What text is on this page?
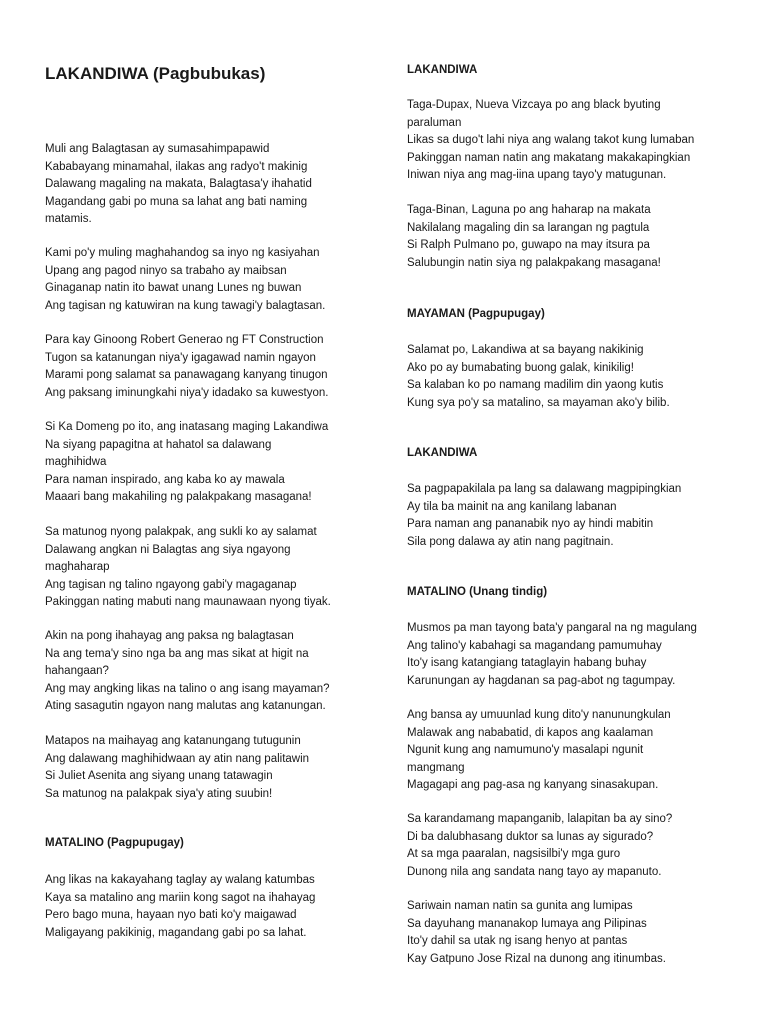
LAKANDIWA (Pagbubukas)
Muli ang Balagtasan ay sumasahimpapawid
Kababayang minamahal, ilakas ang radyo't makinig
Dalawang magaling na makata, Balagtasa'y ihahatid
Magandang gabi po muna sa lahat ang bati naming
matamis.
Kami po'y muling maghahandog sa inyo ng kasiyahan
Upang ang pagod ninyo sa trabaho ay maibsan
Ginaganap natin ito bawat unang Lunes ng buwan
Ang tagisan ng katuwiran na kung tawagi'y balagtasan.
Para kay Ginoong Robert Generao ng FT Construction
Tugon sa katanungan niya'y igagawad namin ngayon
Marami pong salamat sa panawagang kanyang tinugon
Ang paksang iminungkahi niya'y idadako sa kuwestyon.
Si Ka Domeng po ito, ang inatasang maging Lakandiwa
Na siyang papagitna at hahatol sa dalawang
maghihidwa
Para naman inspirado, ang kaba ko ay mawala
Maaari bang makahiling ng palakpakang masagana!
Sa matunog nyong palakpak, ang sukli ko ay salamat
Dalawang angkan ni Balagtas ang siya ngayong
maghaharap
Ang tagisan ng talino ngayong gabi'y magaganap
Pakinggan nating mabuti nang maunawaan nyong tiyak.
Akin na pong ihahayag ang paksa ng balagtasan
Na ang tema'y sino nga ba ang mas sikat at higit na
hahangaan?
Ang may angking likas na talino o ang isang mayaman?
Ating sasagutin ngayon nang malutas ang katanungan.
Matapos na maihayag ang katanungang tutugunin
Ang dalawang maghihidwaan ay atin nang palitawin
Si Juliet Asenita ang siyang unang tatawagin
Sa matunog na palakpak siya'y ating suubin!
MATALINO (Pagpupugay)
Ang likas na kakayahang taglay ay walang katumbas
Kaya sa matalino ang mariin kong sagot na ihahayag
Pero bago muna, hayaan nyo bati ko'y maigawad
Maligayang pakikinig, magandang gabi po sa lahat.
LAKANDIWA
Taga-Dupax, Nueva Vizcaya po ang black byuting
paraluman
Likas sa dugo't lahi niya ang walang takot kung lumaban
Pakinggan naman natin ang makatang makakapingkian
Iniwan niya ang mag-iina upang tayo'y matugunan.
Taga-Binan, Laguna po ang haharap na makata
Nakilalang magaling din sa larangan ng pagtula
Si Ralph Pulmano po, guwapo na may itsura pa
Salubungin natin siya ng palakpakang masagana!
MAYAMAN (Pagpupugay)
Salamat po, Lakandiwa at sa bayang nakikinig
Ako po ay bumabating buong galak, kinikilig!
Sa kalaban ko po namang madilim din yaong kutis
Kung sya po'y sa matalino, sa mayaman ako'y bilib.
LAKANDIWA
Sa pagpapakilala pa lang sa dalawang magpipingkian
Ay tila ba mainit na ang kanilang labanan
Para naman ang pananabik nyo ay hindi mabitin
Sila pong dalawa ay atin nang pagitnain.
MATALINO (Unang tindig)
Musmos pa man tayong bata'y pangaral na ng magulang
Ang talino'y kabahagi sa magandang pamumuhay
Ito'y isang katangiang tataglayin habang buhay
Karunungan ay hagdanan sa pag-abot ng tagumpay.
Ang bansa ay umuunlad kung dito'y nanunungkulan
Malawak ang nababatid, di kapos ang kaalaman
Ngunit kung ang namumuno'y masalapi ngunit
mangmang
Magagapi ang pag-asa ng kanyang sinasakupan.
Sa karandamang mapanganib, lalapitan ba ay sino?
Di ba dalubhasang duktor sa lunas ay sigurado?
At sa mga paaralan, nagsisilbi'y mga guro
Dunong nila ang sandata nang tayo ay mapanuto.
Sariwain naman natin sa gunita ang lumipas
Sa dayuhang mananakop lumaya ang Pilipinas
Ito'y dahil sa utak ng isang henyo at pantas
Kay Gatpuno Jose Rizal na dunong ang itinumbas.
